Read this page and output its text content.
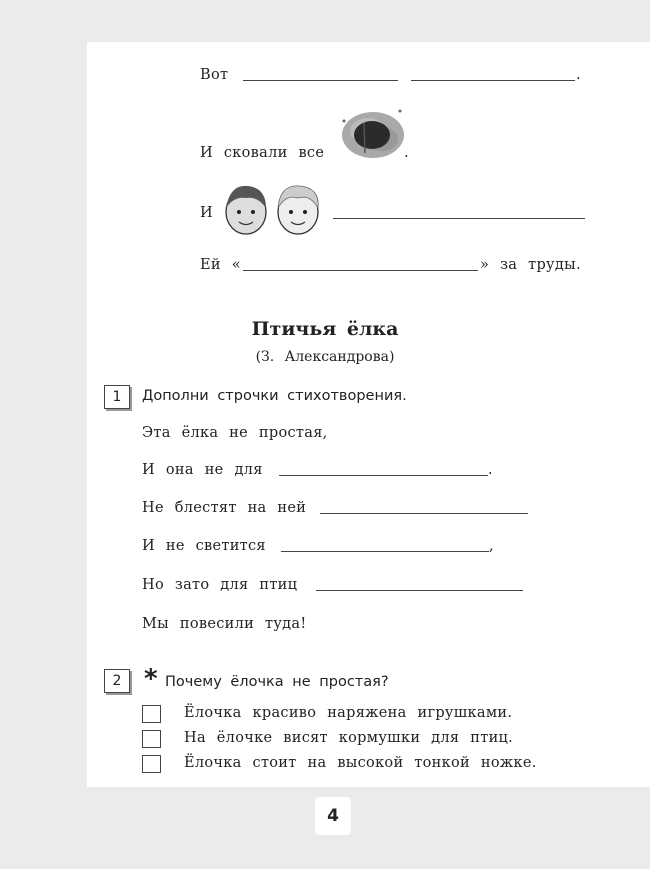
Вот	.
И сковали все	.
И
Ей «	» за труды.
Птичья ёлка
(З. Александрова)
1	Дополни строчки стихотворения.
Эта ёлка не простая,
И она не для	.
Не блестят на ней
И не светится	,
Но зато для птиц
Мы повесили туда!
2 * Почему ёлочка не простая?
Ёлочка красиво наряжена игрушками.
На ёлочке висят кормушки для птиц.
Ёлочка стоит на высокой тонкой ножке.
4
